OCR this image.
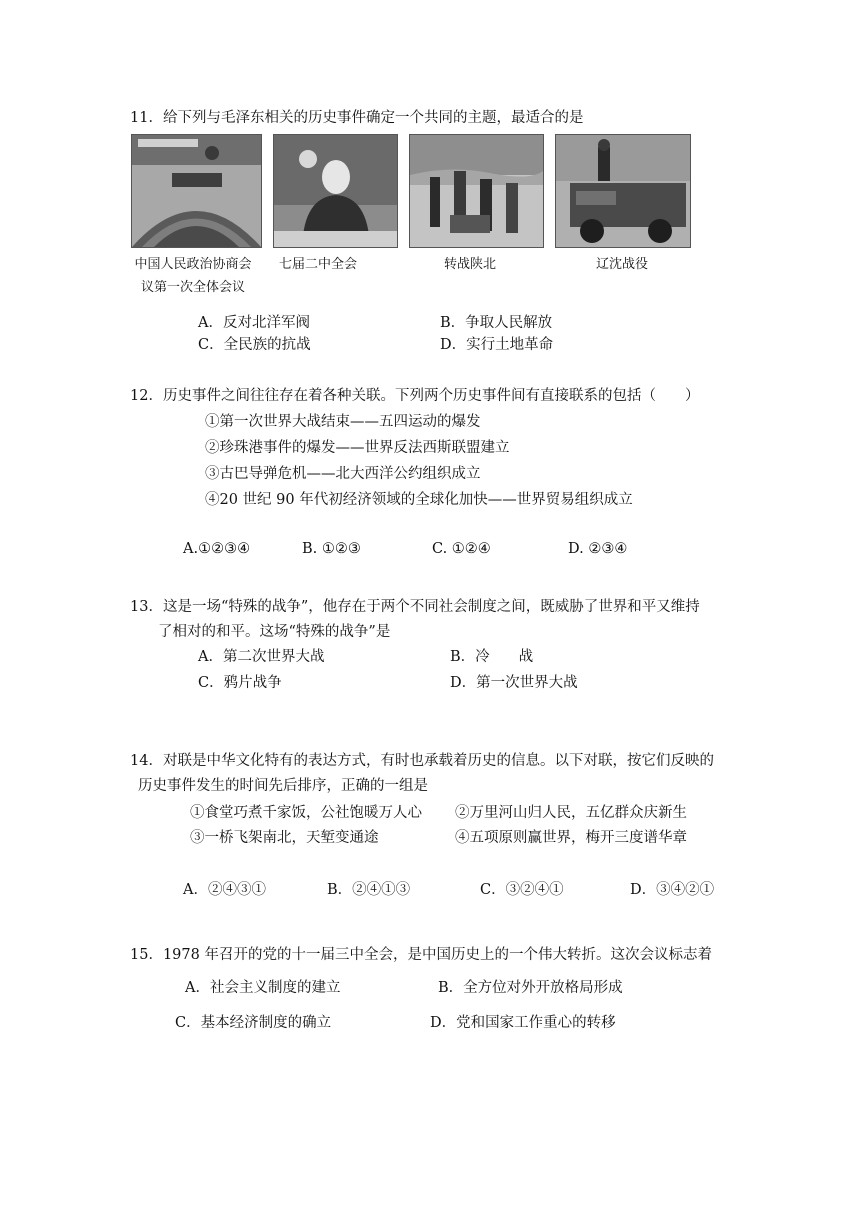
11．给下列与毛泽东相关的历史事件确定一个共同的主题，最适合的是
中国人民政治协商会
议第一次全体会议
七届二中全会	转战陕北	辽沈战役
A．反对北洋军阀	B．争取人民解放
C．全民族的抗战	D．实行土地革命
12．历史事件之间往往存在着各种关联。下列两个历史事件间有直接联系的包括（　　）
①第一次世界大战结束——五四运动的爆发
②珍珠港事件的爆发——世界反法西斯联盟建立
③古巴导弹危机——北大西洋公约组织成立
④20 世纪 90 年代初经济领域的全球化加快——世界贸易组织成立
A.①②③④	B. ①②③	C. ①②④	D. ②③④
13．这是一场“特殊的战争”，他存在于两个不同社会制度之间，既威胁了世界和平又维持
了相对的和平。这场“特殊的战争”是
A．第二次世界大战	B．冷　　战
C．鸦片战争	D．第一次世界大战
14．对联是中华文化特有的表达方式，有时也承载着历史的信息。以下对联，按它们反映的
历史事件发生的时间先后排序，正确的一组是
①食堂巧煮千家饭，公社饱暖万人心 ②万里河山归人民，五亿群众庆新生
③一桥飞架南北，天堑变通途	④五项原则赢世界，梅开三度谱华章
A．②④③①	B．②④①③	C．③②④①	D．③④②①
15．1978 年召开的党的十一届三中全会，是中国历史上的一个伟大转折。这次会议标志着
A．社会主义制度的建立	B．全方位对外开放格局形成
C．基本经济制度的确立	D．党和国家工作重心的转移
